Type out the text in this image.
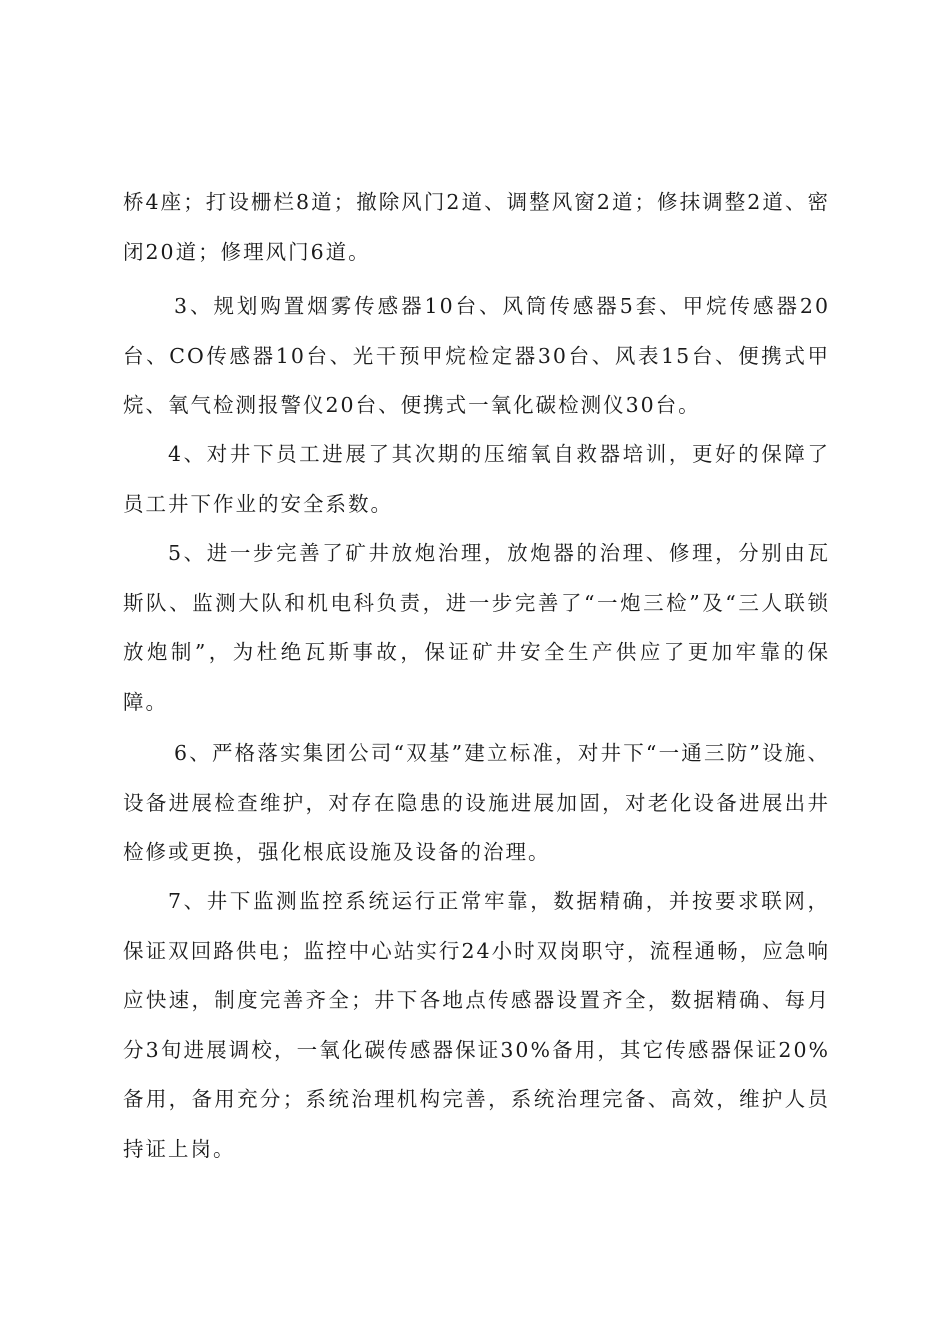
桥4座；打设栅栏8道；撤除风门2道、调整风窗2道；修抹调整2道、密闭20道；修理风门6道。

3、规划购置烟雾传感器10台、风筒传感器5套、甲烷传感器20台、CO传感器10台、光干预甲烷检定器30台、风表15台、便携式甲烷、氧气检测报警仪20台、便携式一氧化碳检测仪30台。

4、对井下员工进展了其次期的压缩氧自救器培训，更好的保障了员工井下作业的安全系数。

5、进一步完善了矿井放炮治理，放炮器的治理、修理，分别由瓦斯队、监测大队和机电科负责，进一步完善了“一炮三检”及“三人联锁放炮制”，为杜绝瓦斯事故，保证矿井安全生产供应了更加牢靠的保障。

6、严格落实集团公司“双基”建立标准，对井下“一通三防”设施、设备进展检查维护，对存在隐患的设施进展加固，对老化设备进展出井检修或更换，强化根底设施及设备的治理。

7、井下监测监控系统运行正常牢靠，数据精确，并按要求联网，保证双回路供电；监控中心站实行24小时双岗职守，流程通畅，应急响应快速，制度完善齐全；井下各地点传感器设置齐全，数据精确、每月分3旬进展调校，一氧化碳传感器保证30%备用，其它传感器保证20%备用，备用充分；系统治理机构完善，系统治理完备、高效，维护人员持证上岗。
